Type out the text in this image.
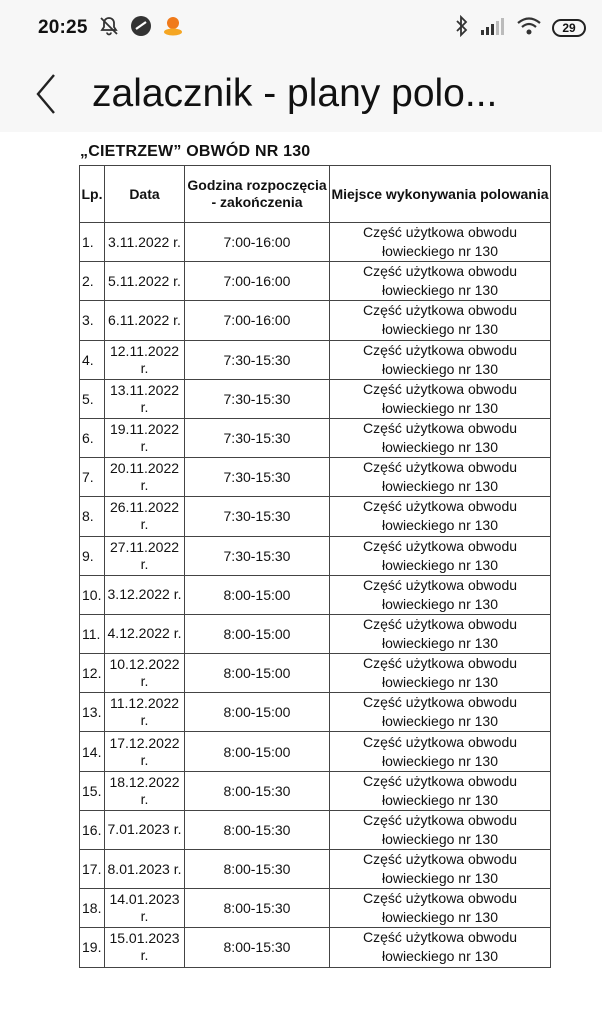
20:25	29
zalacznik - plany polo...
„CIETRZEW” OBWÓD NR 130
Lp.	Data	Godzina rozpoczęcia - zakończenia	Miejsce wykonywania polowania
1.	3.11.2022 r.	7:00-16:00	Część użytkowa obwodu łowieckiego nr 130
2.	5.11.2022 r.	7:00-16:00	Część użytkowa obwodu łowieckiego nr 130
3.	6.11.2022 r.	7:00-16:00	Część użytkowa obwodu łowieckiego nr 130
4.	12.11.2022 r.	7:30-15:30	Część użytkowa obwodu łowieckiego nr 130
5.	13.11.2022 r.	7:30-15:30	Część użytkowa obwodu łowieckiego nr 130
6.	19.11.2022 r.	7:30-15:30	Część użytkowa obwodu łowieckiego nr 130
7.	20.11.2022 r.	7:30-15:30	Część użytkowa obwodu łowieckiego nr 130
8.	26.11.2022 r.	7:30-15:30	Część użytkowa obwodu łowieckiego nr 130
9.	27.11.2022 r.	7:30-15:30	Część użytkowa obwodu łowieckiego nr 130
10.	3.12.2022 r.	8:00-15:00	Część użytkowa obwodu łowieckiego nr 130
11.	4.12.2022 r.	8:00-15:00	Część użytkowa obwodu łowieckiego nr 130
12.	10.12.2022 r.	8:00-15:00	Część użytkowa obwodu łowieckiego nr 130
13.	11.12.2022 r.	8:00-15:00	Część użytkowa obwodu łowieckiego nr 130
14.	17.12.2022 r.	8:00-15:00	Część użytkowa obwodu łowieckiego nr 130
15.	18.12.2022 r.	8:00-15:30	Część użytkowa obwodu łowieckiego nr 130
16.	7.01.2023 r.	8:00-15:30	Część użytkowa obwodu łowieckiego nr 130
17.	8.01.2023 r.	8:00-15:30	Część użytkowa obwodu łowieckiego nr 130
18.	14.01.2023 r.	8:00-15:30	Część użytkowa obwodu łowieckiego nr 130
19.	15.01.2023 r.	8:00-15:30	Część użytkowa obwodu łowieckiego nr 130
